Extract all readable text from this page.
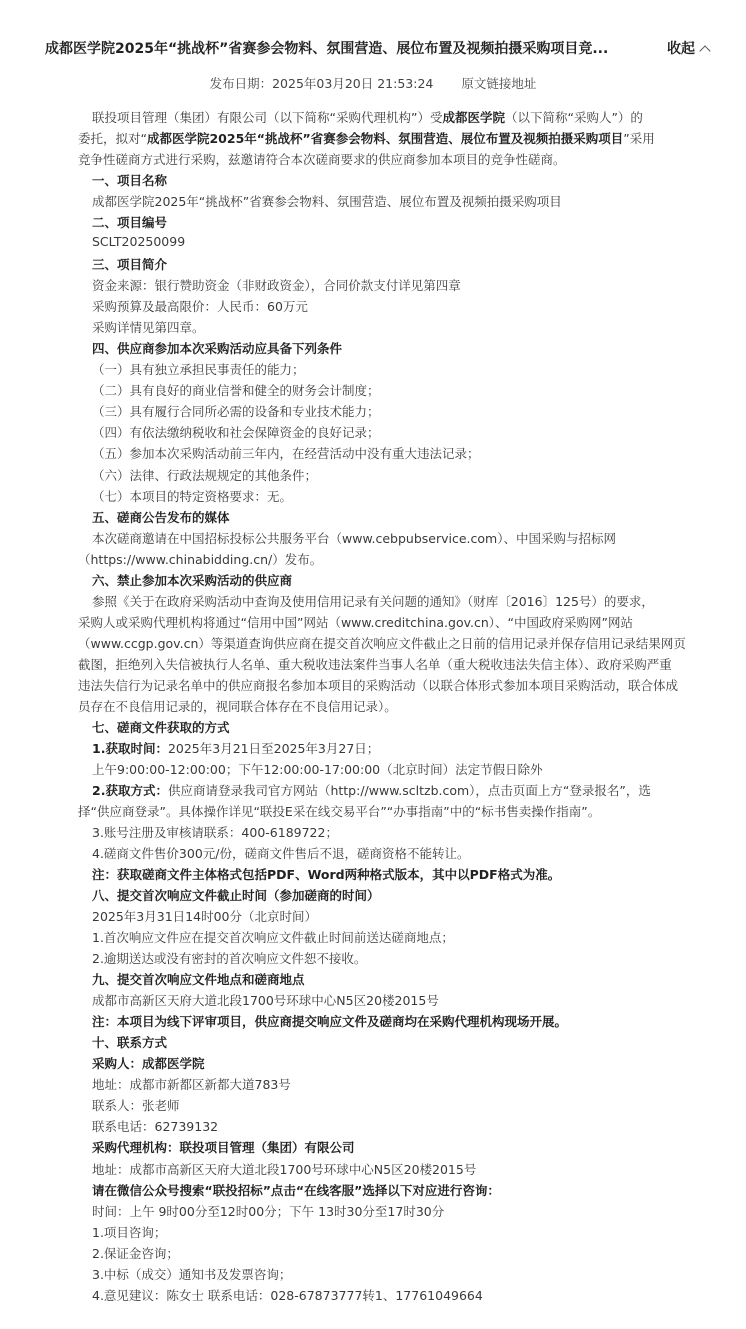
成都医学院2025年“挑战杯”省赛参会物料、氛围营造、展位布置及视频拍摄采购项目竞...	收起
发布日期：2025年03月20日 21:53:24 原文链接地址
联投项目管理（集团）有限公司（以下简称“采购代理机构”）受成都医学院（以下简称“采购人”）的
委托，拟对“成都医学院2025年“挑战杯”省赛参会物料、氛围营造、展位布置及视频拍摄采购项目”采用
竞争性磋商方式进行采购，兹邀请符合本次磋商要求的供应商参加本项目的竞争性磋商。
一、项目名称
成都医学院2025年“挑战杯”省赛参会物料、氛围营造、展位布置及视频拍摄采购项目
二、项目编号
SCLT20250099
三、项目简介
资金来源：银行赞助资金（非财政资金），合同价款支付详见第四章
采购预算及最高限价：人民币：60万元
采购详情见第四章。
四、供应商参加本次采购活动应具备下列条件
（一）具有独立承担民事责任的能力；
（二）具有良好的商业信誉和健全的财务会计制度；
（三）具有履行合同所必需的设备和专业技术能力；
（四）有依法缴纳税收和社会保障资金的良好记录；
（五）参加本次采购活动前三年内，在经营活动中没有重大违法记录；
（六）法律、行政法规规定的其他条件；
（七）本项目的特定资格要求：无。
五、磋商公告发布的媒体
本次磋商邀请在中国招标投标公共服务平台（www.cebpubservice.com）、中国采购与招标网
（https://www.chinabidding.cn/）发布。
六、禁止参加本次采购活动的供应商
参照《关于在政府采购活动中查询及使用信用记录有关问题的通知》（财库〔2016〕125号）的要求，
采购人或采购代理机构将通过“信用中国”网站（www.creditchina.gov.cn）、“中国政府采购网”网站
（www.ccgp.gov.cn）等渠道查询供应商在提交首次响应文件截止之日前的信用记录并保存信用记录结果网页
截图，拒绝列入失信被执行人名单、重大税收违法案件当事人名单（重大税收违法失信主体）、政府采购严重
违法失信行为记录名单中的供应商报名参加本项目的采购活动（以联合体形式参加本项目采购活动，联合体成
员存在不良信用记录的，视同联合体存在不良信用记录）。
七、磋商文件获取的方式
1.获取时间：2025年3月21日至2025年3月27日；
上午9:00:00-12:00:00；下午12:00:00-17:00:00（北京时间）法定节假日除外
2.获取方式：供应商请登录我司官方网站（http://www.scltzb.com），点击页面上方“登录报名”，选
择“供应商登录”。具体操作详见“联投E采在线交易平台”“办事指南”中的“标书售卖操作指南”。
3.账号注册及审核请联系：400-6189722；
4.磋商文件售价300元/份，磋商文件售后不退，磋商资格不能转让。
注：获取磋商文件主体格式包括PDF、Word两种格式版本，其中以PDF格式为准。
八、提交首次响应文件截止时间（参加磋商的时间）
2025年3月31日14时00分（北京时间）
1.首次响应文件应在提交首次响应文件截止时间前送达磋商地点；
2.逾期送达或没有密封的首次响应文件恕不接收。
九、提交首次响应文件地点和磋商地点
成都市高新区天府大道北段1700号环球中心N5区20楼2015号
注：本项目为线下评审项目，供应商提交响应文件及磋商均在采购代理机构现场开展。
十、联系方式
采购人：成都医学院
地址：成都市新都区新都大道783号
联系人：张老师
联系电话：62739132
采购代理机构：联投项目管理（集团）有限公司
地址：成都市高新区天府大道北段1700号环球中心N5区20楼2015号
请在微信公众号搜索“联投招标”点击“在线客服”选择以下对应进行咨询：
时间：上午 9时00分至12时00分；下午 13时30分至17时30分
1.项目咨询；
2.保证金咨询；
3.中标（成交）通知书及发票咨询；
4.意见建议：陈女士 联系电话：028-67873777转1、17761049664
